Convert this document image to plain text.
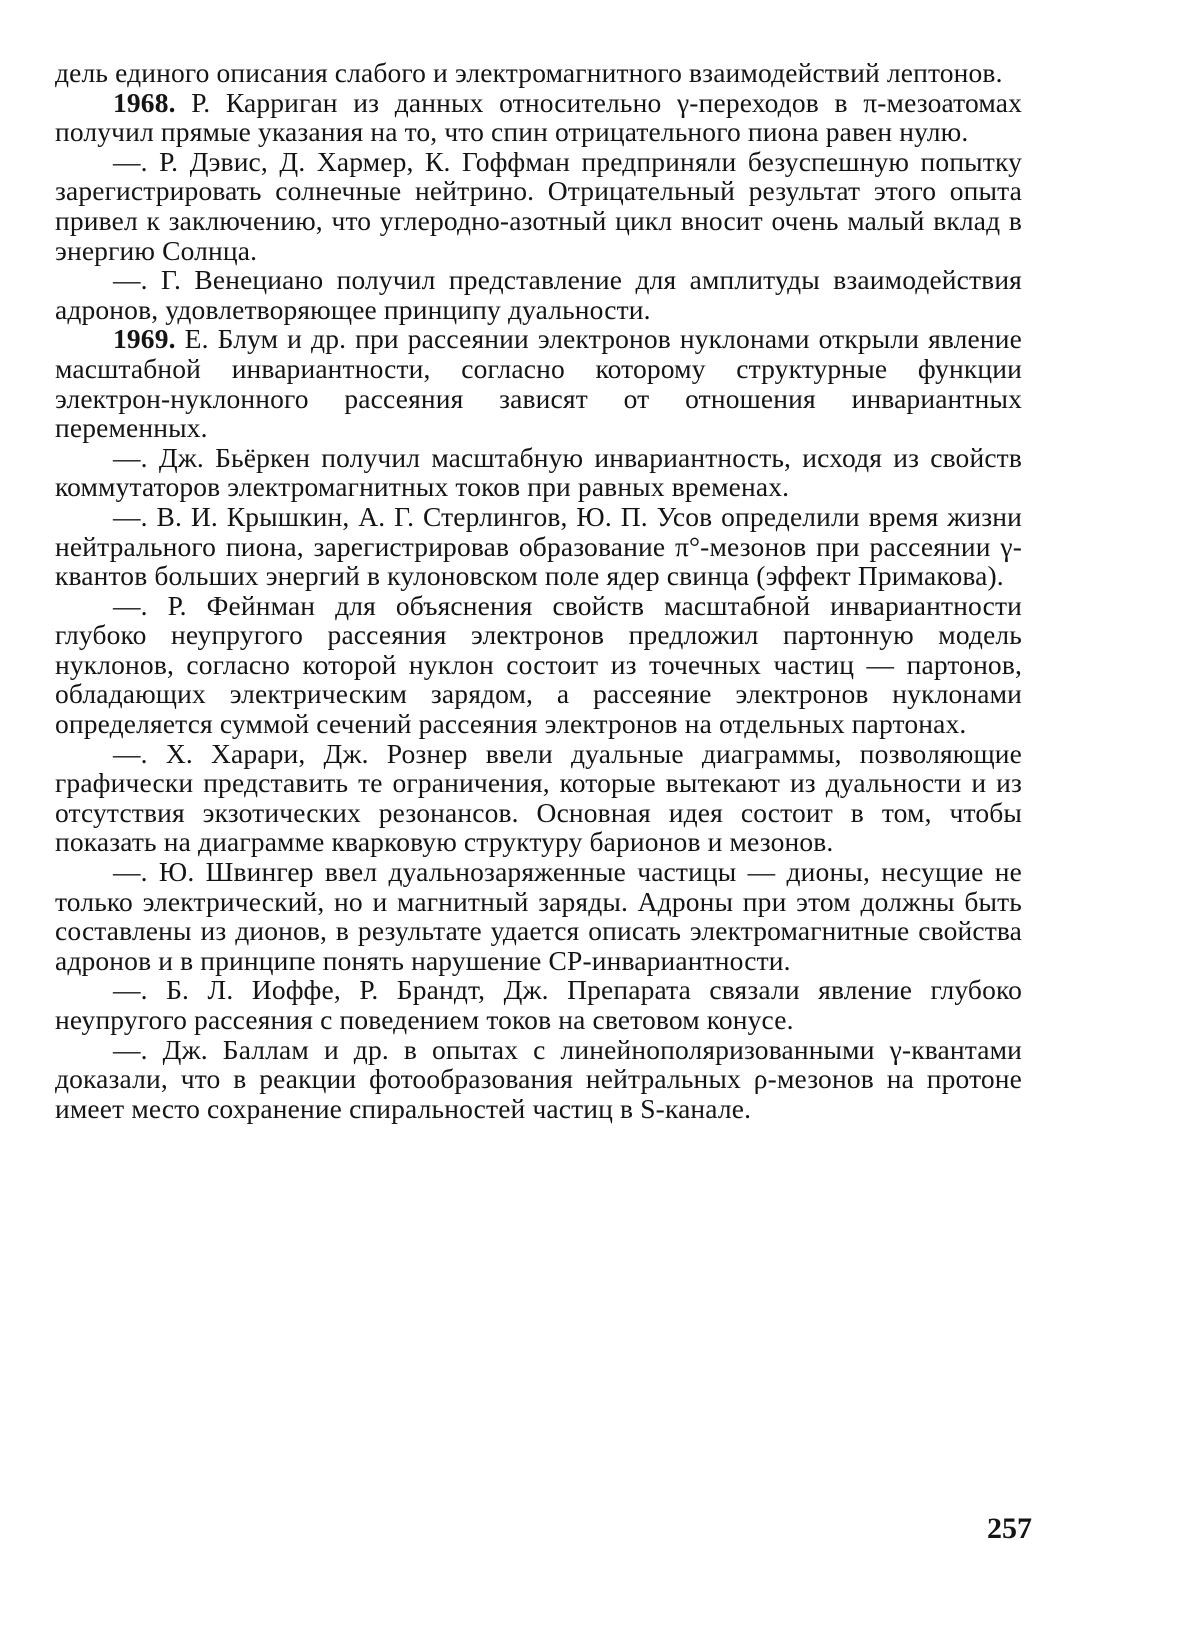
дель единого описания слабого и электромагнитного взаимодействий лептонов.

1968. Р. Карриган из данных относительно γ-переходов в π-мезоатомах получил прямые указания на то, что спин отрицательного пиона равен нулю.

—. Р. Дэвис, Д. Хармер, К. Гоффман предприняли безуспешную попытку зарегистрировать солнечные нейтрино. Отрицательный результат этого опыта привел к заключению, что углеродно-азотный цикл вносит очень малый вклад в энергию Солнца.

—. Г. Венециано получил представление для амплитуды взаимодействия адронов, удовлетворяющее принципу дуальности.

1969. Е. Блум и др. при рассеянии электронов нуклонами открыли явление масштабной инвариантности, согласно которому структурные функции электрон-нуклонного рассеяния зависят от отношения инвариантных переменных.

—. Дж. Бьёркен получил масштабную инвариантность, исходя из свойств коммутаторов электромагнитных токов при равных временах.

—. В. И. Крышкин, А. Г. Стерлингов, Ю. П. Усов определили время жизни нейтрального пиона, зарегистрировав образование π°-мезонов при рассеянии γ-квантов больших энергий в кулоновском поле ядер свинца (эффект Примакова).

—. Р. Фейнман для объяснения свойств масштабной инвариантности глубоко неупругого рассеяния электронов предложил партонную модель нуклонов, согласно которой нуклон состоит из точечных частиц — партонов, обладающих электрическим зарядом, а рассеяние электронов нуклонами определяется суммой сечений рассеяния электронов на отдельных партонах.

—. Х. Харари, Дж. Рознер ввели дуальные диаграммы, позволяющие графически представить те ограничения, которые вытекают из дуальности и из отсутствия экзотических резонансов. Основная идея состоит в том, чтобы показать на диаграмме кварковую структуру барионов и мезонов.

—. Ю. Швингер ввел дуальнозаряженные частицы — дионы, несущие не только электрический, но и магнитный заряды. Адроны при этом должны быть составлены из дионов, в результате удается описать электромагнитные свойства адронов и в принципе понять нарушение CP-инвариантности.

—. Б. Л. Иоффе, Р. Брандт, Дж. Препарата связали явление глубоко неупругого рассеяния с поведением токов на световом конусе.

—. Дж. Баллам и др. в опытах с линейнополяризованными γ-квантами доказали, что в реакции фотообразования нейтральных ρ-мезонов на протоне имеет место сохранение спиральностей частиц в S-канале.

257
